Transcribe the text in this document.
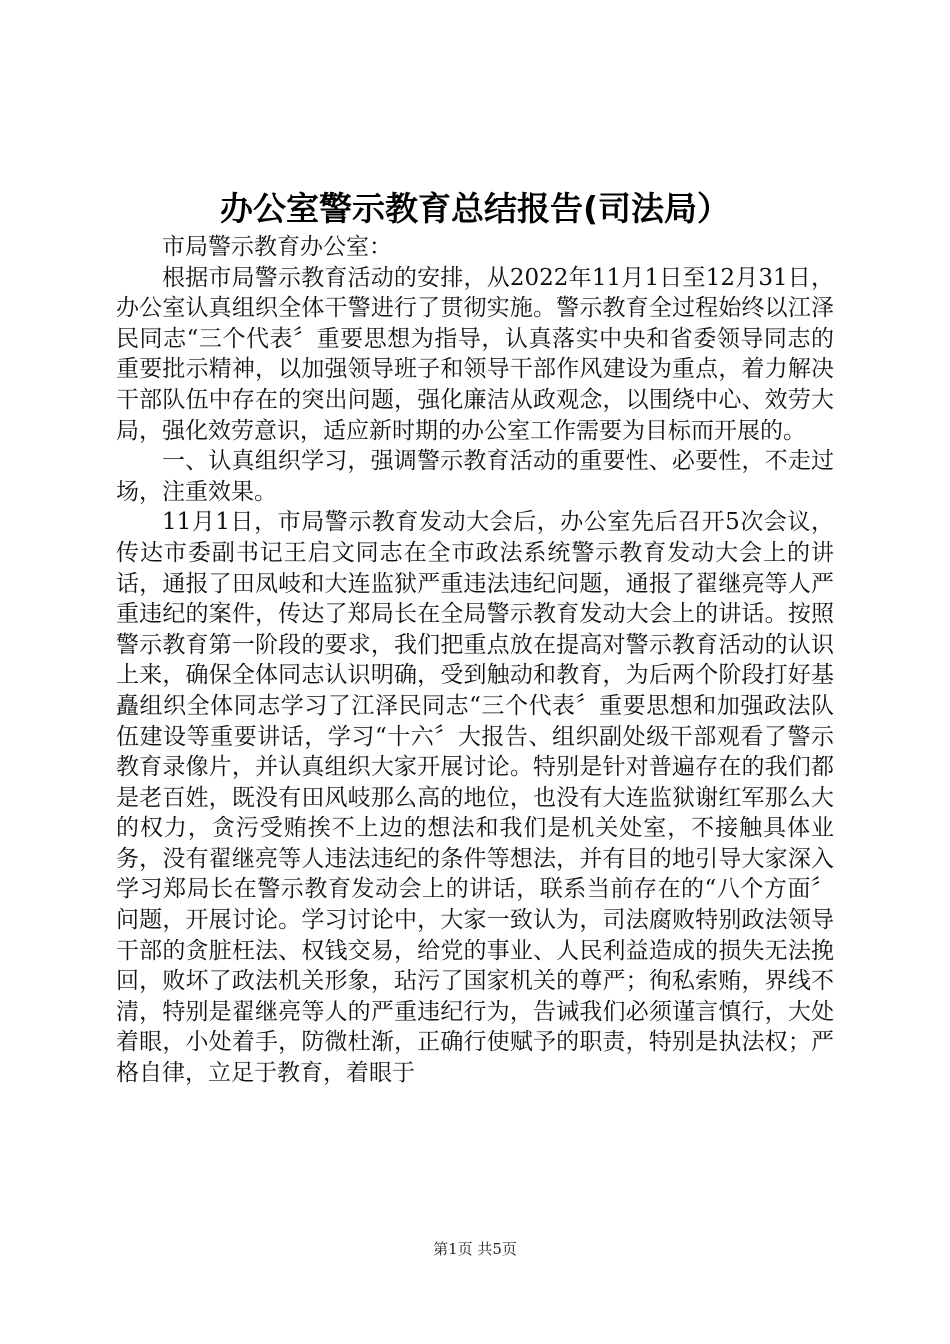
办公室警示教育总结报告(司法局）

市局警示教育办公室：

根据市局警示教育活动的安排，从2022年11月1日至12月31日，办公室认真组织全体干警进行了贯彻实施。警示教育全过程始终以江泽民同志“三个代表〞重要思想为指导，认真落实中央和省委领导同志的重要批示精神，以加强领导班子和领导干部作风建设为重点，着力解决干部队伍中存在的突出问题，强化廉洁从政观念，以围绕中心、效劳大局，强化效劳意识，适应新时期的办公室工作需要为目标而开展的。

一、认真组织学习，强调警示教育活动的重要性、必要性，不走过场，注重效果。

11月1日，市局警示教育发动大会后，办公室先后召开5次会议，传达市委副书记王启文同志在全市政法系统警示教育发动大会上的讲话，通报了田凤岐和大连监狱严重违法违纪问题，通报了翟继亮等人严重违纪的案件，传达了郑局长在全局警示教育发动大会上的讲话。按照警示教育第一阶段的要求，我们把重点放在提高对警示教育活动的认识上来，确保全体同志认识明确，受到触动和教育，为后两个阶段打好基矗组织全体同志学习了江泽民同志“三个代表〞重要思想和加强政法队伍建设等重要讲话，学习“十六〞大报告、组织副处级干部观看了警示教育录像片，并认真组织大家开展讨论。特别是针对普遍存在的我们都是老百姓，既没有田风岐那么高的地位，也没有大连监狱谢红军那么大的权力，贪污受贿挨不上边的想法和我们是机关处室，不接触具体业务，没有翟继亮等人违法违纪的条件等想法，并有目的地引导大家深入学习郑局长在警示教育发动会上的讲话，联系当前存在的“八个方面〞问题，开展讨论。学习讨论中，大家一致认为，司法腐败特别政法领导干部的贪脏枉法、权钱交易，给党的事业、人民利益造成的损失无法挽回，败坏了政法机关形象，玷污了国家机关的尊严；徇私索贿，界线不清，特别是翟继亮等人的严重违纪行为，告诫我们必须谨言慎行，大处着眼，小处着手，防微杜渐，正确行使赋予的职责，特别是执法权；严格自律，立足于教育，着眼于

第1页 共5页
